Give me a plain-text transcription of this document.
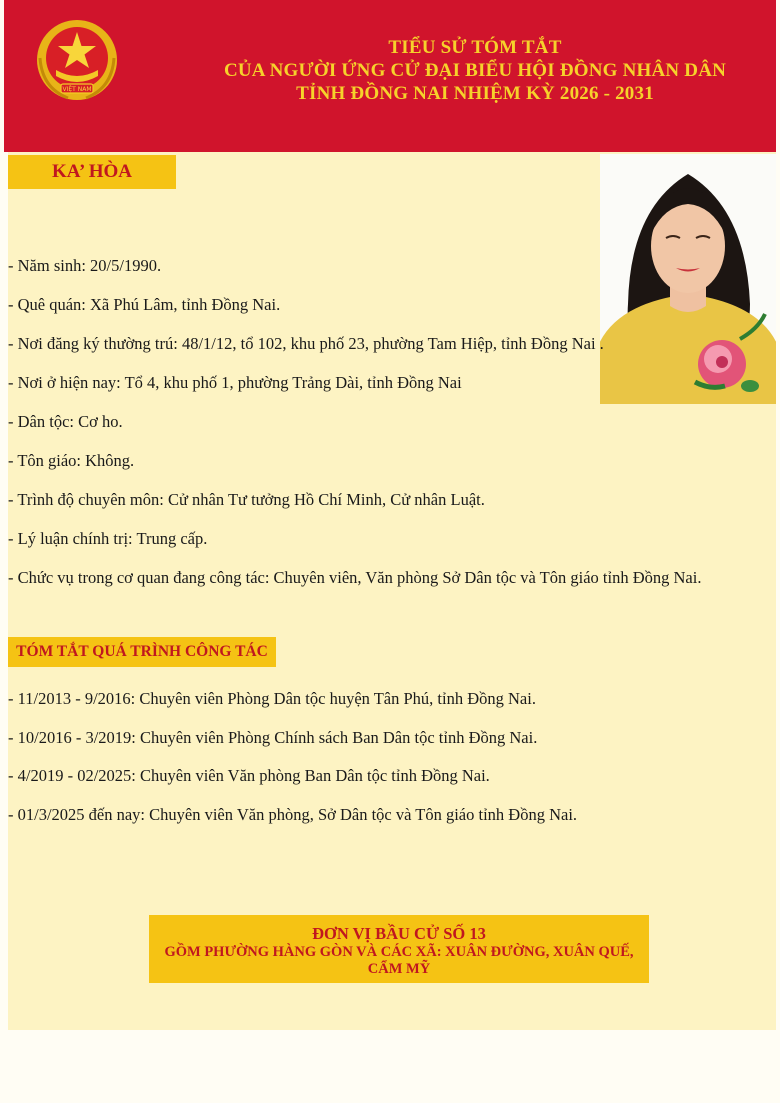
VIỆT NAM
TIỂU SỬ TÓM TẮT
CỦA NGƯỜI ỨNG CỬ ĐẠI BIỂU HỘI ĐỒNG NHÂN DÂN
TỈNH ĐỒNG NAI NHIỆM KỲ 2026 - 2031
KA’ HÒA
- Năm sinh: 20/5/1990.
- Quê quán: Xã Phú Lâm, tỉnh Đồng Nai.
- Nơi đăng ký thường trú: 48/1/12, tổ 102, khu phố 23, phường Tam Hiệp, tỉnh Đồng Nai .
- Nơi ở hiện nay: Tổ 4, khu phố 1, phường Trảng Dài, tỉnh Đồng Nai
- Dân tộc: Cơ ho.
- Tôn giáo: Không.
- Trình độ chuyên môn: Cử nhân Tư tưởng Hồ Chí Minh, Cử nhân Luật.
- Lý luận chính trị: Trung cấp.
- Chức vụ trong cơ quan đang công tác: Chuyên viên, Văn phòng Sở Dân tộc và Tôn giáo tỉnh Đồng Nai.
TÓM TẮT QUÁ TRÌNH CÔNG TÁC
- 11/2013 - 9/2016: Chuyên viên Phòng Dân tộc huyện Tân Phú, tỉnh Đồng Nai.
- 10/2016 - 3/2019: Chuyên viên Phòng Chính sách Ban Dân tộc tỉnh Đồng Nai.
- 4/2019 - 02/2025: Chuyên viên Văn phòng Ban Dân tộc tỉnh Đồng Nai.
- 01/3/2025 đến nay: Chuyên viên Văn phòng, Sở Dân tộc và Tôn giáo tỉnh Đồng Nai.
ĐƠN VỊ BẦU CỬ SỐ 13
GỒM PHƯỜNG HÀNG GÒN VÀ CÁC XÃ: XUÂN ĐƯỜNG, XUÂN QUẾ, CẨM MỸ
